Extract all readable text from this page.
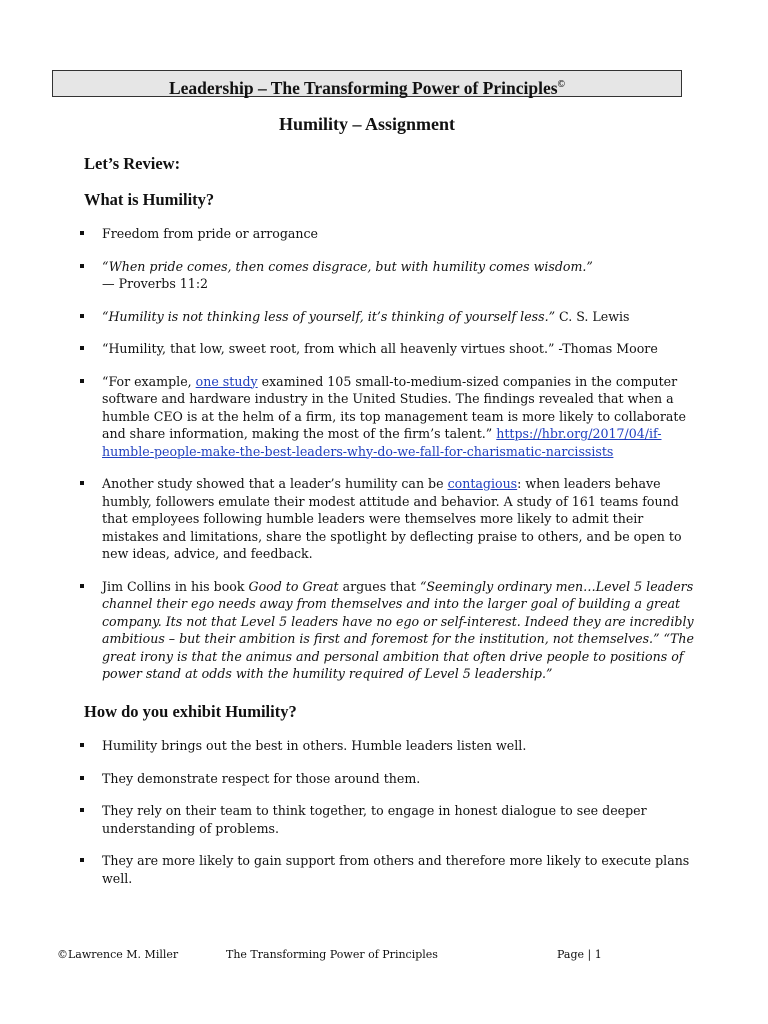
Leadership – The Transforming Power of Principles©
Humility – Assignment
Let’s Review:
What is Humility?
Freedom from pride or arrogance
“When pride comes, then comes disgrace, but with humility comes wisdom.”
— Proverbs 11:2
“Humility is not thinking less of yourself, it’s thinking of yourself less.” C. S. Lewis
“Humility, that low, sweet root, from which all heavenly virtues shoot.” -Thomas Moore
“For example, one study examined 105 small-to-medium-sized companies in the computer software and hardware industry in the United Studies. The findings revealed that when a humble CEO is at the helm of a firm, its top management team is more likely to collaborate and share information, making the most of the firm’s talent.” https://hbr.org/2017/04/if-humble-people-make-the-best-leaders-why-do-we-fall-for-charismatic-narcissists
Another study showed that a leader’s humility can be contagious: when leaders behave humbly, followers emulate their modest attitude and behavior. A study of 161 teams found that employees following humble leaders were themselves more likely to admit their mistakes and limitations, share the spotlight by deflecting praise to others, and be open to new ideas, advice, and feedback.
Jim Collins in his book Good to Great argues that “Seemingly ordinary men…Level 5 leaders channel their ego needs away from themselves and into the larger goal of building a great company. Its not that Level 5 leaders have no ego or self-interest. Indeed they are incredibly ambitious – but their ambition is first and foremost for the institution, not themselves.” “The great irony is that the animus and personal ambition that often drive people to positions of power stand at odds with the humility required of Level 5 leadership.”
How do you exhibit Humility?
Humility brings out the best in others. Humble leaders listen well.
They demonstrate respect for those around them.
They rely on their team to think together, to engage in honest dialogue to see deeper understanding of problems.
They are more likely to gain support from others and therefore more likely to execute plans well.
©Lawrence M. Miller	The Transforming Power of Principles	Page | 1
